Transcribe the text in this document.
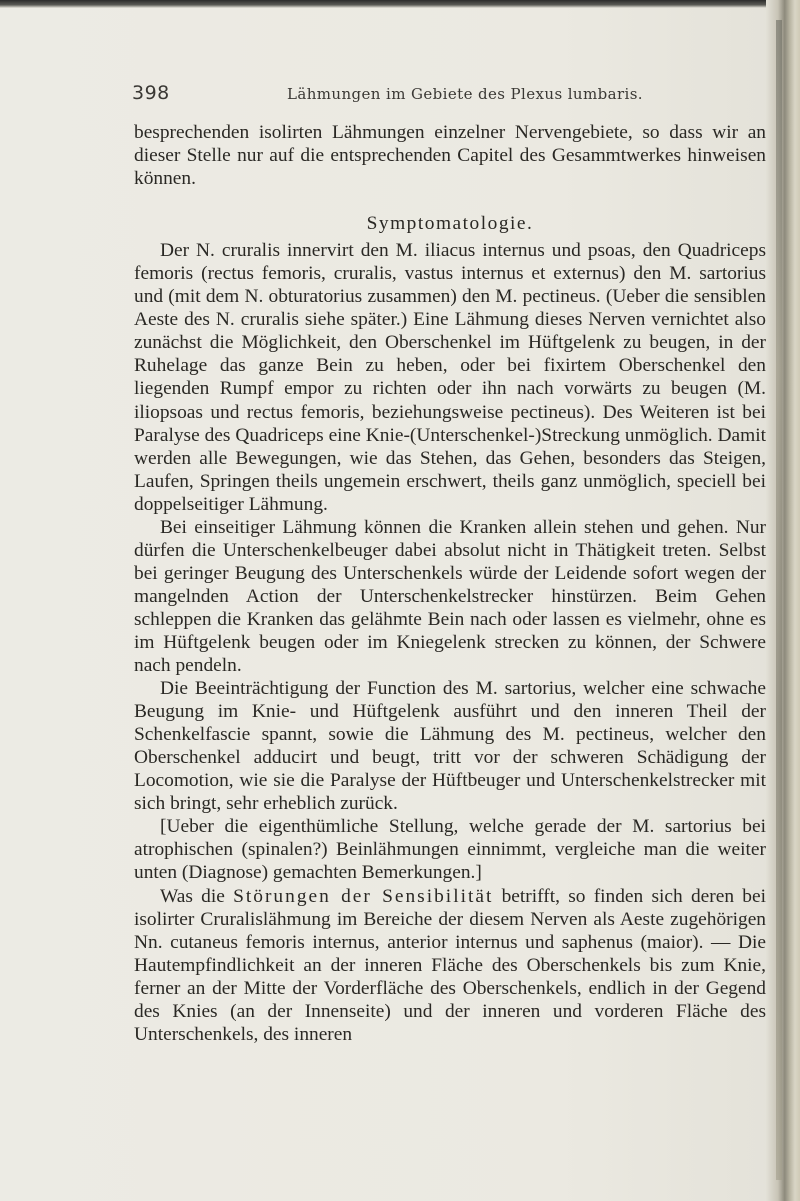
398	Lähmungen im Gebiete des Plexus lumbaris.

besprechenden isolirten Lähmungen einzelner Nervengebiete, so dass wir an dieser Stelle nur auf die entsprechenden Capitel des Gesammtwerkes hinweisen können.

Symptomatologie.

Der N. cruralis innervirt den M. iliacus internus und psoas, den Quadriceps femoris (rectus femoris, cruralis, vastus internus et externus) den M. sartorius und (mit dem N. obturatorius zusammen) den M. pectineus. (Ueber die sensiblen Aeste des N. cruralis siehe später.) Eine Lähmung dieses Nerven vernichtet also zunächst die Möglichkeit, den Oberschenkel im Hüftgelenk zu beugen, in der Ruhelage das ganze Bein zu heben, oder bei fixirtem Oberschenkel den liegenden Rumpf empor zu richten oder ihn nach vorwärts zu beugen (M. iliopsoas und rectus femoris, beziehungsweise pectineus). Des Weiteren ist bei Paralyse des Quadriceps eine Knie-(Unterschenkel-)Streckung unmöglich. Damit werden alle Bewegungen, wie das Stehen, das Gehen, besonders das Steigen, Laufen, Springen theils ungemein erschwert, theils ganz unmöglich, speciell bei doppelseitiger Lähmung.

Bei einseitiger Lähmung können die Kranken allein stehen und gehen. Nur dürfen die Unterschenkelbeuger dabei absolut nicht in Thätigkeit treten. Selbst bei geringer Beugung des Unterschenkels würde der Leidende sofort wegen der mangelnden Action der Unterschenkelstrecker hinstürzen. Beim Gehen schleppen die Kranken das gelähmte Bein nach oder lassen es vielmehr, ohne es im Hüftgelenk beugen oder im Kniegelenk strecken zu können, der Schwere nach pendeln.

Die Beeinträchtigung der Function des M. sartorius, welcher eine schwache Beugung im Knie- und Hüftgelenk ausführt und den inneren Theil der Schenkelfascie spannt, sowie die Lähmung des M. pectineus, welcher den Oberschenkel adducirt und beugt, tritt vor der schweren Schädigung der Locomotion, wie sie die Paralyse der Hüftbeuger und Unterschenkelstrecker mit sich bringt, sehr erheblich zurück.

[Ueber die eigenthümliche Stellung, welche gerade der M. sartorius bei atrophischen (spinalen?) Beinlähmungen einnimmt, vergleiche man die weiter unten (Diagnose) gemachten Bemerkungen.]

Was die Störungen der Sensibilität betrifft, so finden sich deren bei isolirter Cruralislähmung im Bereiche der diesem Nerven als Aeste zugehörigen Nn. cutaneus femoris internus, anterior internus und saphenus (maior). — Die Hautempfindlichkeit an der inneren Fläche des Oberschenkels bis zum Knie, ferner an der Mitte der Vorderfläche des Oberschenkels, endlich in der Gegend des Knies (an der Innenseite) und der inneren und vorderen Fläche des Unterschenkels, des inneren
